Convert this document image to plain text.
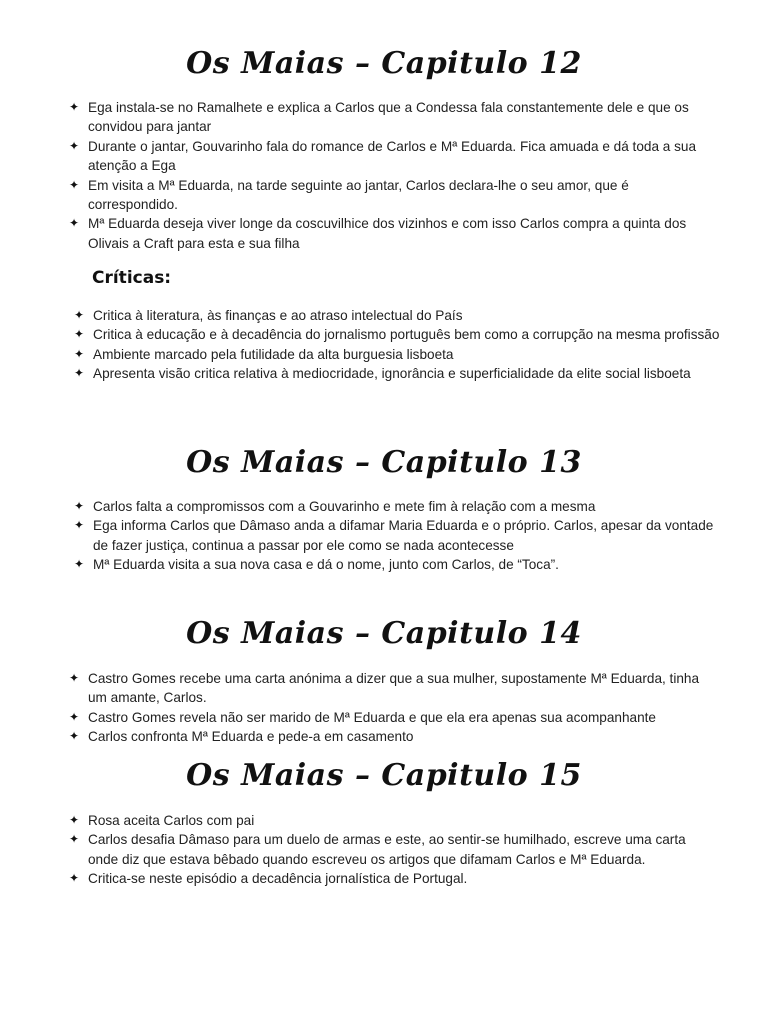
Os Maias – Capitulo 12
✦ Ega instala-se no Ramalhete e explica a Carlos que a Condessa fala constantemente dele e que os convidou para jantar
✦ Durante o jantar, Gouvarinho fala do romance de Carlos e Mª Eduarda. Fica amuada e dá toda a sua atenção a Ega
✦ Em visita a Mª Eduarda, na tarde seguinte ao jantar, Carlos declara-lhe o seu amor, que é correspondido.
✦ Mª Eduarda deseja viver longe da coscuvilhice dos vizinhos e com isso Carlos compra a quinta dos Olivais a Craft para esta e sua filha
Críticas:
✦ Critica à literatura, às finanças e ao atraso intelectual do País
✦ Critica à educação e à decadência do jornalismo português bem como a corrupção na mesma profissão
✦ Ambiente marcado pela futilidade da alta burguesia lisboeta
✦ Apresenta visão critica relativa à mediocridade, ignorância e superficialidade da elite social lisboeta
Os Maias – Capitulo 13
✦ Carlos falta a compromissos com a Gouvarinho e mete fim à relação com a mesma
✦ Ega informa Carlos que Dâmaso anda a difamar Maria Eduarda e o próprio. Carlos, apesar da vontade de fazer justiça, continua a passar por ele como se nada acontecesse
✦ Mª Eduarda visita a sua nova casa e dá o nome, junto com Carlos, de “Toca”.
Os Maias – Capitulo 14
✦ Castro Gomes recebe uma carta anónima a dizer que a sua mulher, supostamente Mª Eduarda, tinha um amante, Carlos.
✦ Castro Gomes revela não ser marido de Mª Eduarda e que ela era apenas sua acompanhante
✦ Carlos confronta Mª Eduarda e pede-a em casamento
Os Maias – Capitulo 15
✦ Rosa aceita Carlos com pai
✦ Carlos desafia Dâmaso para um duelo de armas e este, ao sentir-se humilhado, escreve uma carta onde diz que estava bêbado quando escreveu os artigos que difamam Carlos e Mª Eduarda.
✦ Critica-se neste episódio a decadência jornalística de Portugal.
